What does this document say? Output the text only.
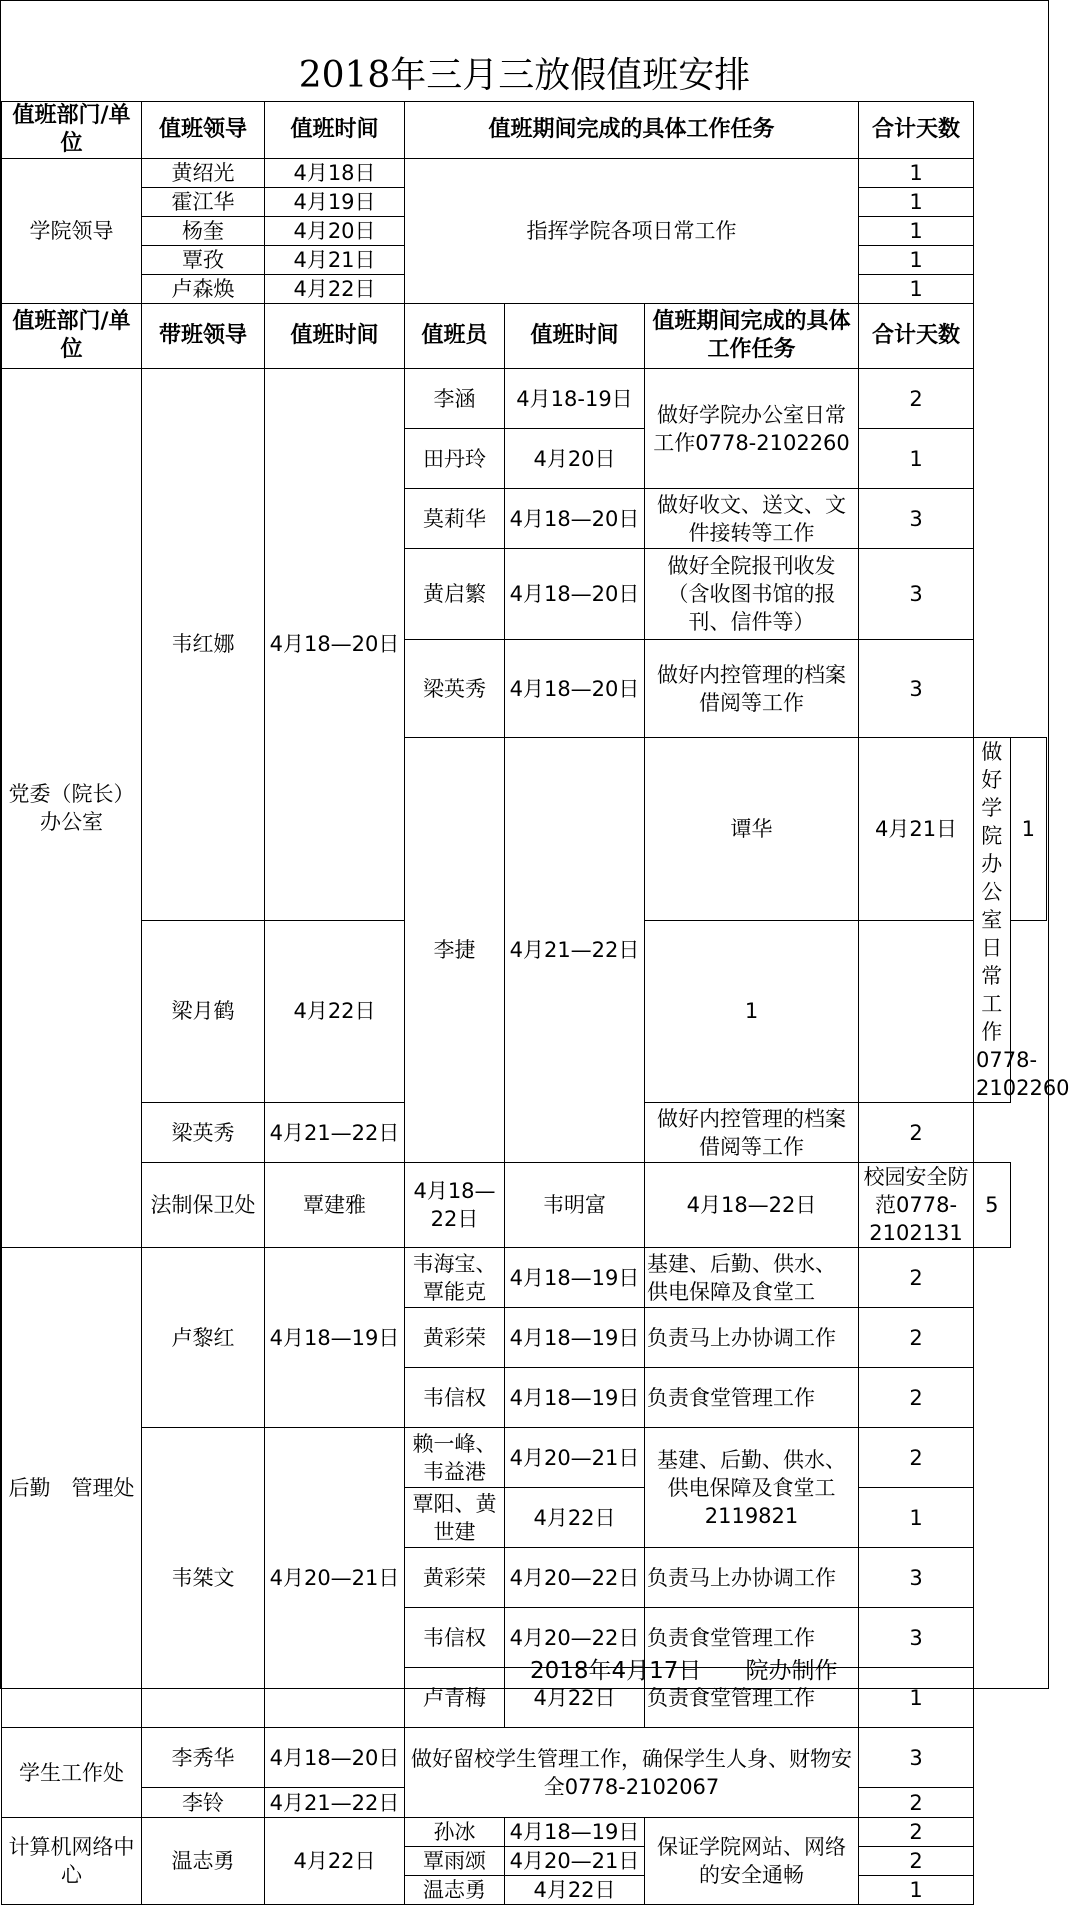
2018年三月三放假值班安排
值班部门/单位	值班领导	值班时间	值班期间完成的具体工作任务			合计天数		
学院领导	黄绍光	4月18日	指挥学院各项日常工作			1		
	霍江华	4月19日				1		
	杨奎	4月20日				1		
	覃孜	4月21日				1		
	卢森焕	4月22日				1		
值班部门/单位	带班领导	值班时间	值班员	值班时间	值班期间完成的具体工作任务	合计天数		
党委（院长）办公室	韦红娜	4月18—20日	李涵	4月18-19日	做好学院办公室日常工作0778-2102260	2		
			田丹玲	4月20日		1		
			莫莉华	4月18—20日	做好收文、送文、文件接转等工作	3		
			黄启繁	4月18—20日	做好全院报刊收发（含收图书馆的报刊、信件等）	3		
			梁英秀	4月18—20日	做好内控管理的档案借阅等工作	3		
			李捷	4月21—22日	谭华	4月21日	做好学院办公室日常工作0778-2102260	1
	梁月鹤	4月22日			1			
	梁英秀	4月21—22日			做好内控管理的档案借阅等工作	2		
	法制保卫处	覃建雅	4月18—22日	韦明富	4月18—22日	校园安全防范0778-2102131	5	
后勤　管理处	卢黎红	4月18—19日	韦海宝、覃能克	4月18—19日	基建、后勤、供水、供电保障及食堂工	2		
			黄彩荣	4月18—19日	负责马上办协调工作	2		
			韦信权	4月18—19日	负责食堂管理工作	2		
	韦桀文	4月20—21日	赖一峰、韦益港	4月20—21日	基建、后勤、供水、供电保障及食堂工2119821	2		
			覃阳、黄世建	4月22日		1		
			黄彩荣	4月20—22日	负责马上办协调工作	3		
			韦信权	4月20—22日	负责食堂管理工作	3		
			卢青梅	4月22日	负责食堂管理工作	1		
学生工作处	李秀华	4月18—20日	做好留校学生管理工作，确保学生人身、财物安全0778-2102067			3		
	李铃	4月21—22日				2		
计算机网络中心	温志勇	4月22日	孙冰	4月18—19日	保证学院网站、网络的安全通畅	2		
			覃雨颂	4月20—21日		2		
			温志勇	4月22日		1		
2018年4月17日 院办制作
